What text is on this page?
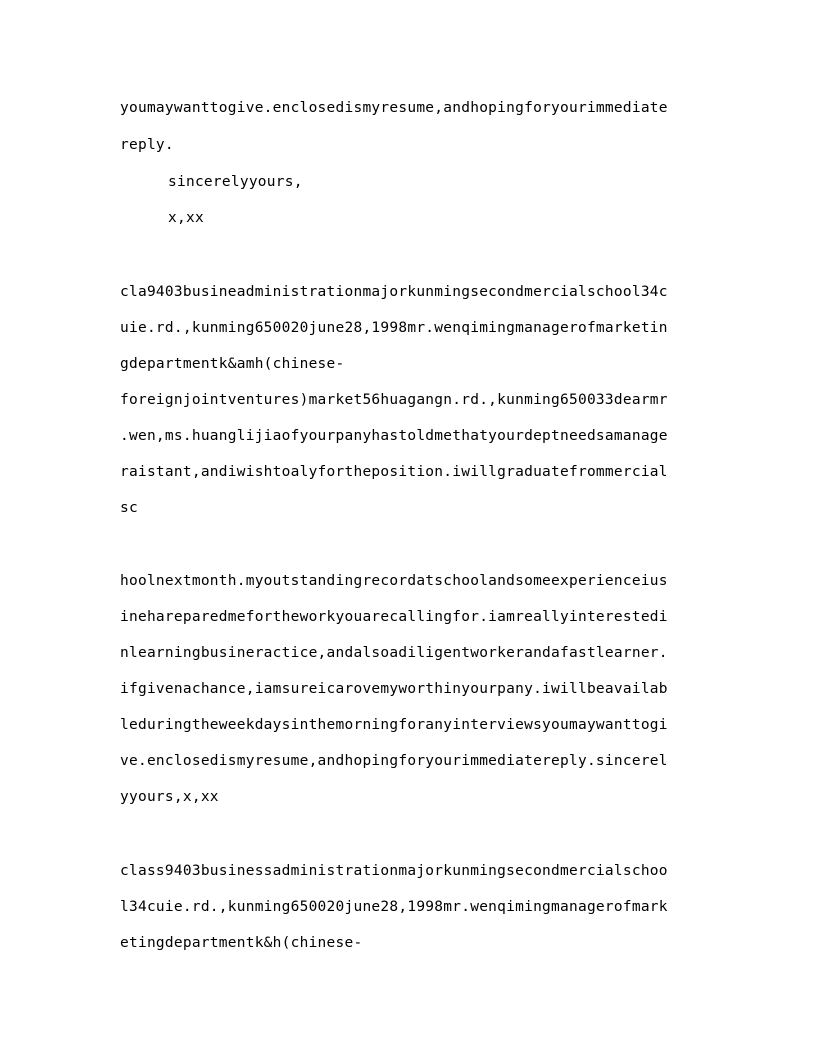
youmaywanttogive.enclosedismyresume,andhopingforyourimmediate
reply.
sincerelyyours,
x,xx
cla9403busineadministrationmajorkunmingsecondmercialschool34c
uie.rd.,kunming650020june28,1998mr.wenqimingmanagerofmarketin
gdepartmentk&amh(chinese-
foreignjointventures)market56huagangn.rd.,kunming650033dearmr
.wen,ms.huanglijiaofyourpanyhastoldmethatyourdeptneedsamanage
raistant,andiwishtoalyfortheposition.iwillgraduatefrommercial
sc
hoolnextmonth.myoutstandingrecordatschoolandsomeexperienceius
inehareparedmefortheworkyouarecallingfor.iamreallyinterestedi
nlearningbusineractice,andalsoadiligentworkerandafastlearner.
ifgivenachance,iamsureicarovemyworthinyourpany.iwillbeavailab
leduringtheweekdaysinthemorningforanyinterviewsyoumaywanttogi
ve.enclosedismyresume,andhopingforyourimmediatereply.sincerel
yyours,x,xx
class9403businessadministrationmajorkunmingsecondmercialschoo
l34cuie.rd.,kunming650020june28,1998mr.wenqimingmanagerofmark
etingdepartmentk&h(chinese-
